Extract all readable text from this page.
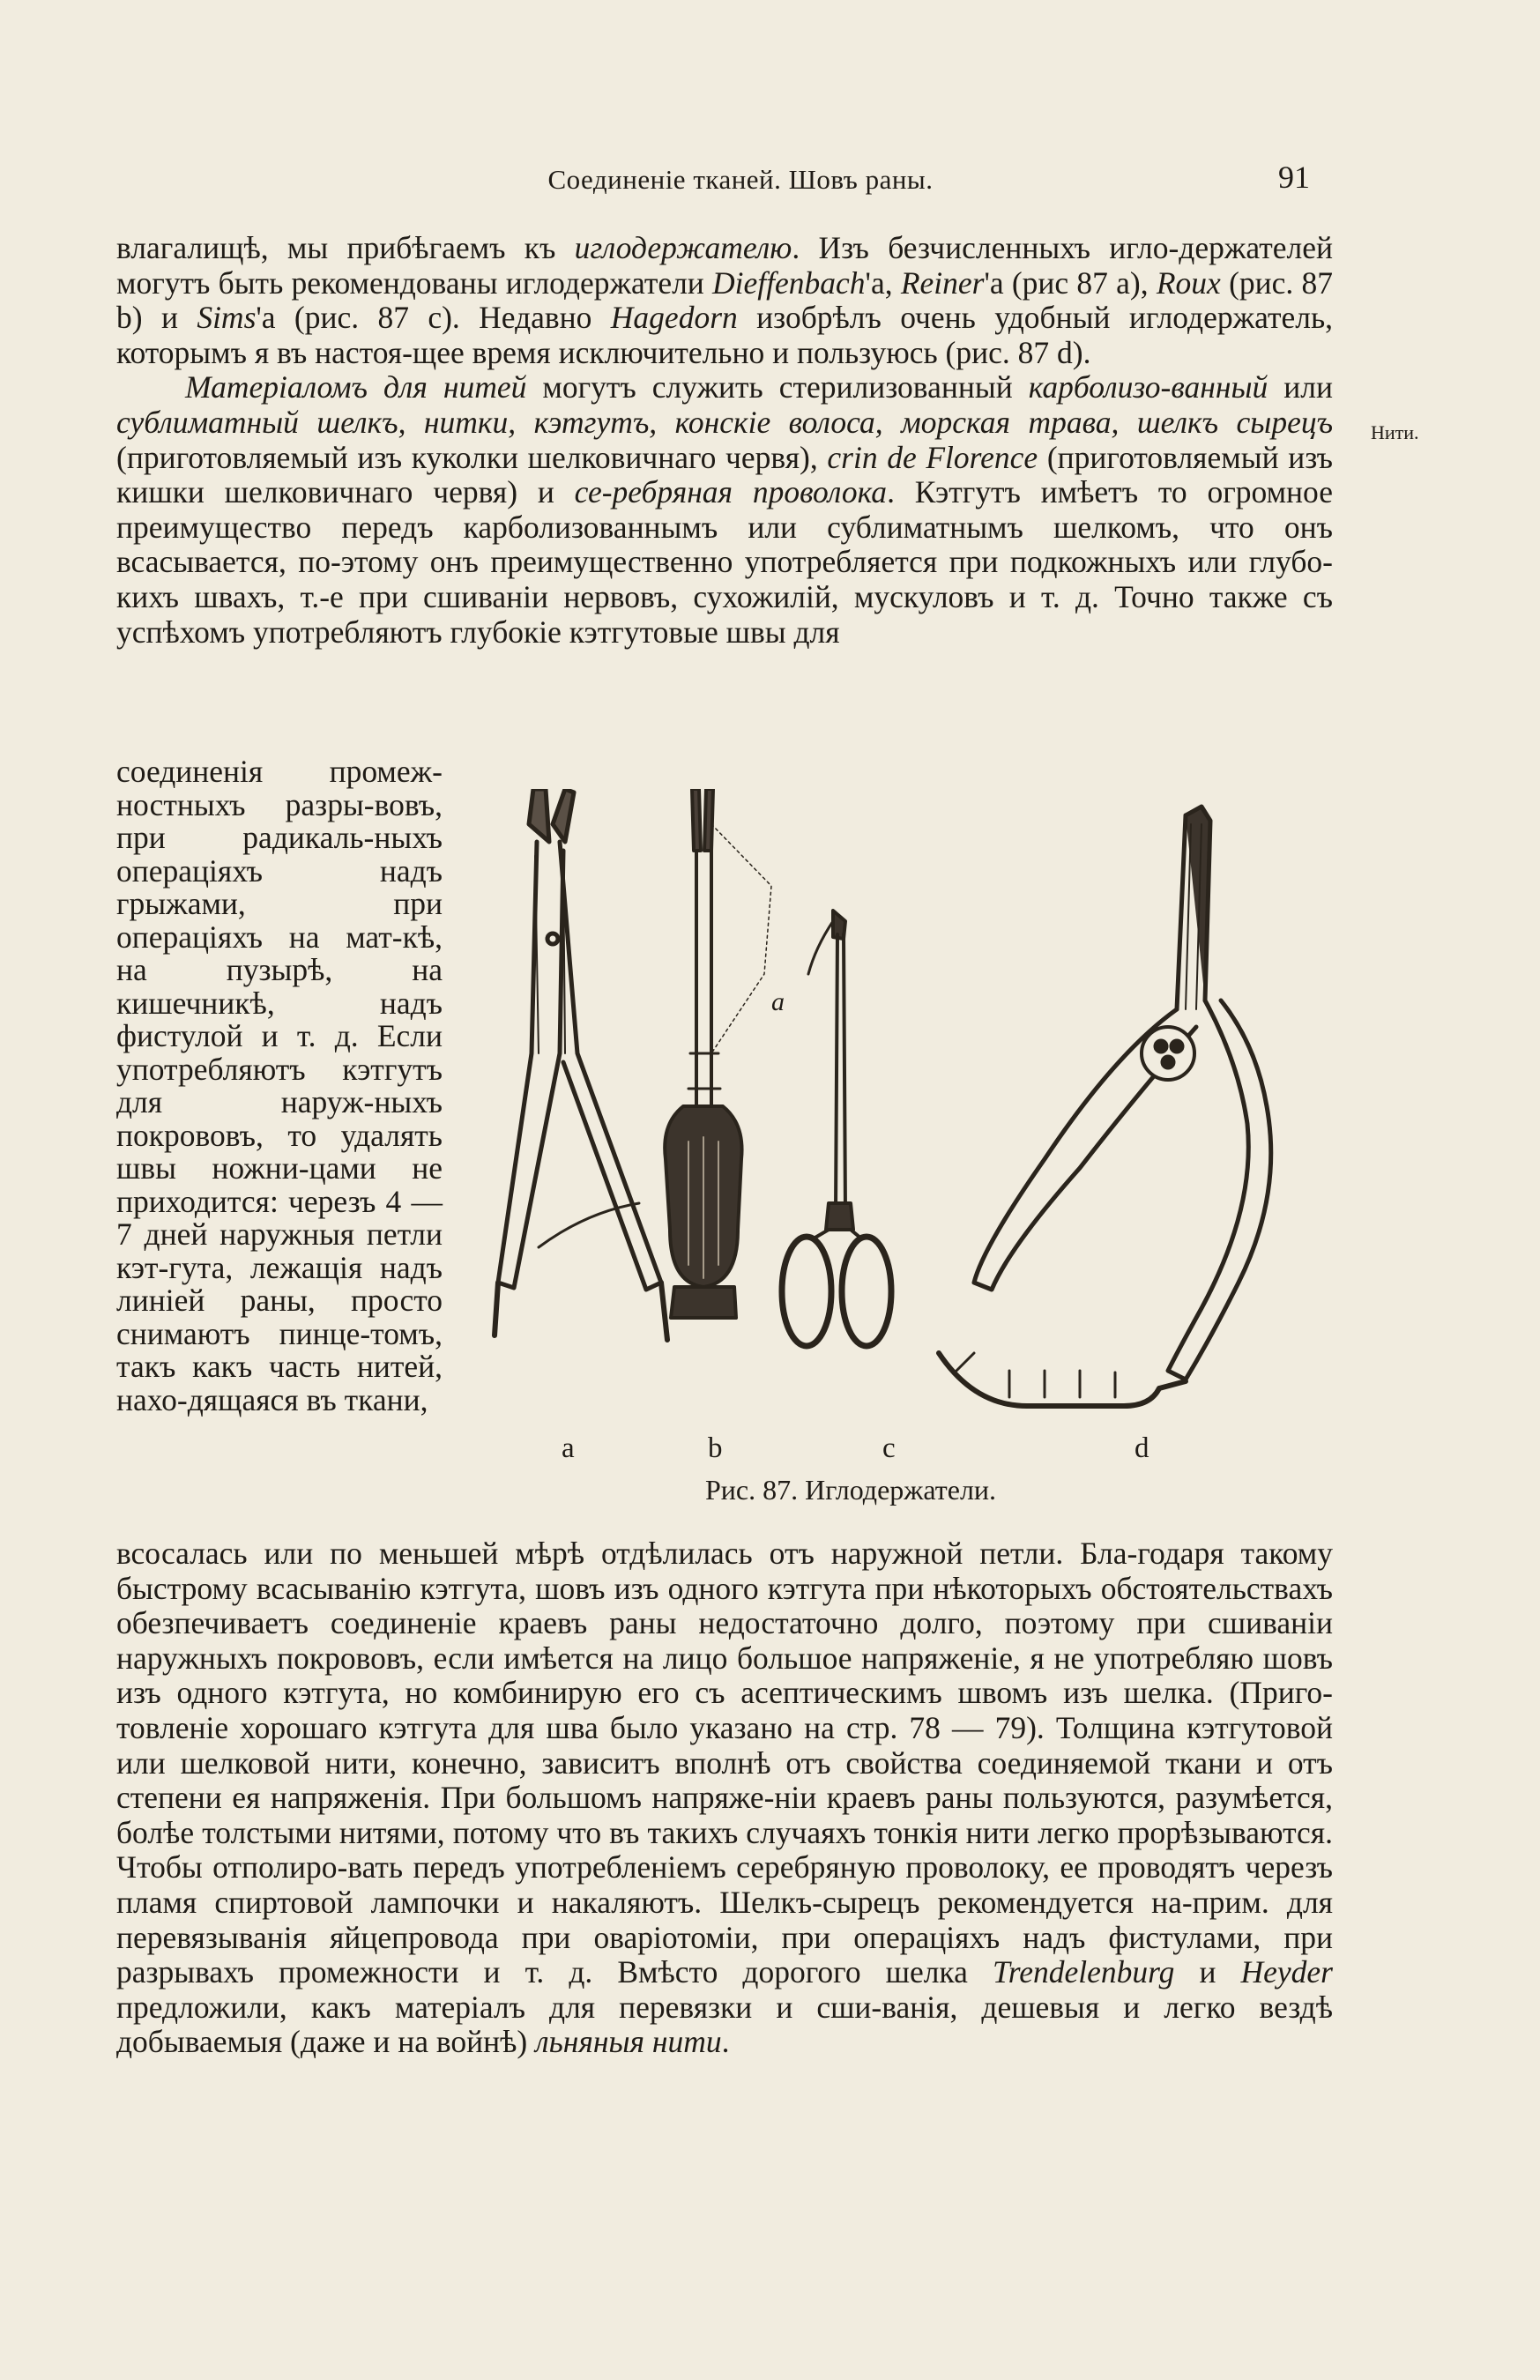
Соединеніе тканей. Шовъ раны.	91
Нити.

влагалищѣ, мы прибѣгаемъ къ иглодержателю. Изъ безчисленныхъ игло-держателей могутъ быть рекомендованы иглодержатели Dieffenbach'а, Reiner'а (рис 87 a), Roux (рис. 87 b) и Sims'а (рис. 87 c). Недавно Hagedorn изобрѣлъ очень удобный иглодержатель, которымъ я въ настоя-щее время исключительно и пользуюсь (рис. 87 d).

Матеріаломъ для нитей могутъ служить стерилизованный карболизо-ванный или сублиматный шелкъ, нитки, кэтгутъ, конскіе волоса, морская трава, шелкъ сырецъ (приготовляемый изъ куколки шелковичнаго червя), crin de Florence (приготовляемый изъ кишки шелковичнаго червя) и се-ребряная проволока. Кэтгутъ имѣетъ то огромное преимущество передъ карболизованнымъ или сублиматнымъ шелкомъ, что онъ всасывается, по-этому онъ преимущественно употребляется при подкожныхъ или глубо-кихъ швахъ, т.-е при сшиваніи нервовъ, сухожилій, мускуловъ и т. д. Точно также съ успѣхомъ употребляютъ глубокіе кэтгутовые швы для

соединенія промеж-ностныхъ разры-вовъ, при радикаль-ныхъ операціяхъ надъ грыжами, при операціяхъ на мат-кѣ, на пузырѣ, на кишечникѣ, надъ фистулой и т. д. Если употребляютъ кэтгутъ для наруж-ныхъ покрововъ, то удалять швы ножни-цами не приходится: черезъ 4 — 7 дней наружныя петли кэт-гута, лежащія надъ линіей раны, просто снимаютъ пинце-томъ, такъ какъ часть нитей, нахо-дящаяся въ ткани,

a
a	b	c	d
Рис. 87. Иглодержатели.

всосалась или по меньшей мѣрѣ отдѣлилась отъ наружной петли. Бла-годаря такому быстрому всасыванію кэтгута, шовъ изъ одного кэтгута при нѣкоторыхъ обстоятельствахъ обезпечиваетъ соединеніе краевъ раны недостаточно долго, поэтому при сшиваніи наружныхъ покрововъ, если имѣется на лицо большое напряженіе, я не употребляю шовъ изъ одного кэтгута, но комбинирую его съ асептическимъ швомъ изъ шелка. (Приго-товленіе хорошаго кэтгута для шва было указано на стр. 78 — 79). Толщина кэтгутовой или шелковой нити, конечно, зависитъ вполнѣ отъ свойства соединяемой ткани и отъ степени ея напряженія. При большомъ напряже-ніи краевъ раны пользуются, разумѣется, болѣе толстыми нитями, потому что въ такихъ случаяхъ тонкія нити легко прорѣзываются. Чтобы отполиро-вать передъ употребленіемъ серебряную проволоку, ее проводятъ черезъ пламя спиртовой лампочки и накаляютъ. Шелкъ-сырецъ рекомендуется на-прим. для перевязыванія яйцепровода при оваріотоміи, при операціяхъ надъ фистулами, при разрывахъ промежности и т. д. Вмѣсто дорогого шелка Trendelenburg и Heyder предложили, какъ матеріалъ для перевязки и сши-ванія, дешевыя и легко вездѣ добываемыя (даже и на войнѣ) льняныя нити.
